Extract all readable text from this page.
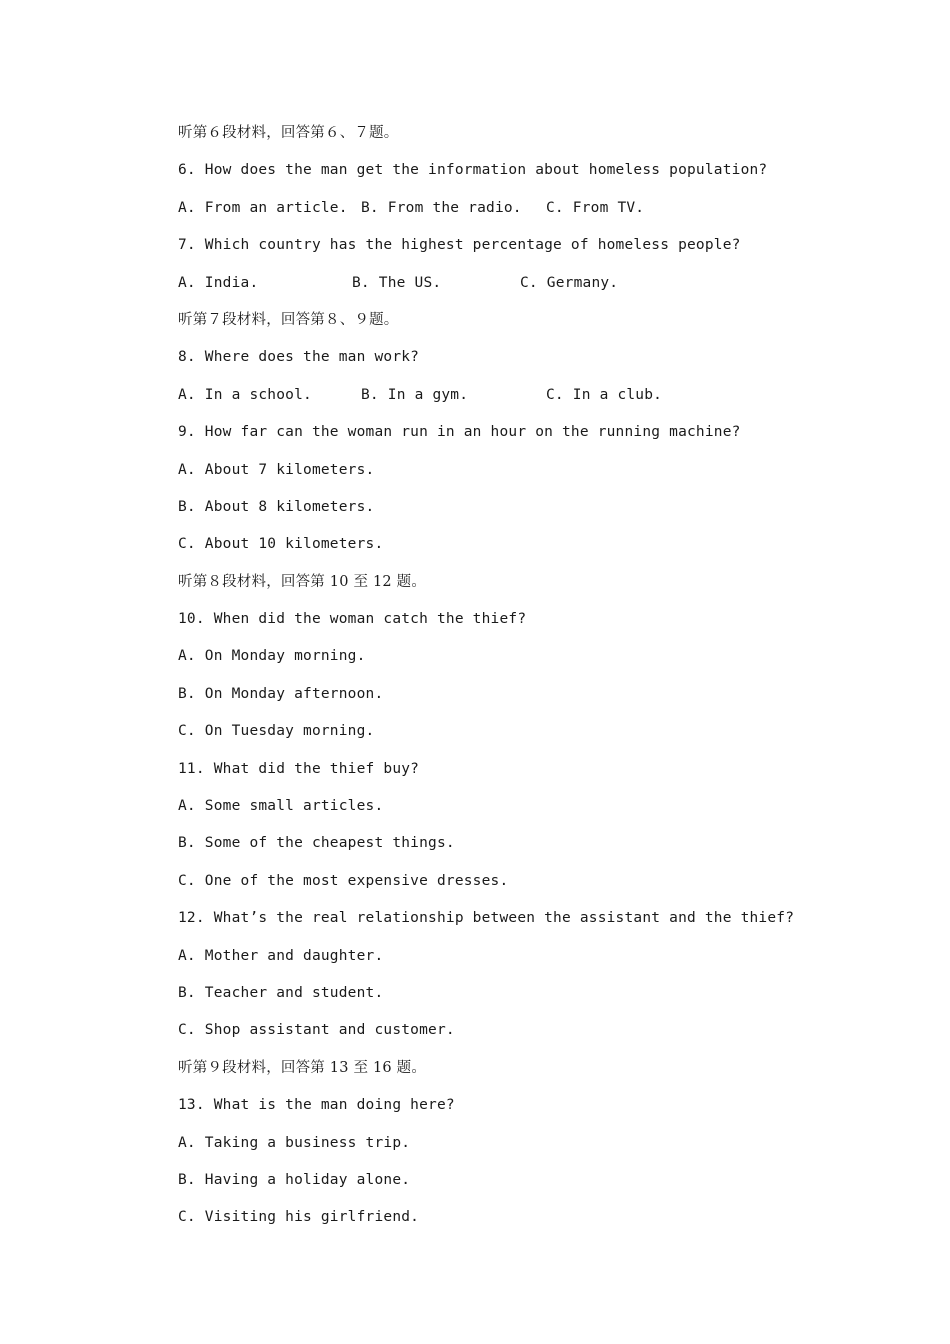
听第６段材料，回答第６、７题。
6. How does the man get the information about homeless population?
A. From an article. B. From the radio. C. From TV.
7. Which country has the highest percentage of homeless people?
A. India.	B. The US.	C. Germany.
听第７段材料，回答第８、９题。
8. Where does the man work?
A. In a school.	B. In a gym.	C. In a club.
9. How far can the woman run in an hour on the running machine?
A. About 7 kilometers.
B. About 8 kilometers.
C. About 10 kilometers.
听第８段材料，回答第 10 至 12 题。
10. When did the woman catch the thief?
A. On Monday morning.
B. On Monday afternoon.
C. On Tuesday morning.
11. What did the thief buy?
A. Some small articles.
B. Some of the cheapest things.
C. One of the most expensive dresses.
12. What’s the real relationship between the assistant and the thief?
A. Mother and daughter.
B. Teacher and student.
C. Shop assistant and customer.
听第９段材料，回答第 13 至 16 题。
13. What is the man doing here?
A. Taking a business trip.
B. Having a holiday alone.
C. Visiting his girlfriend.
